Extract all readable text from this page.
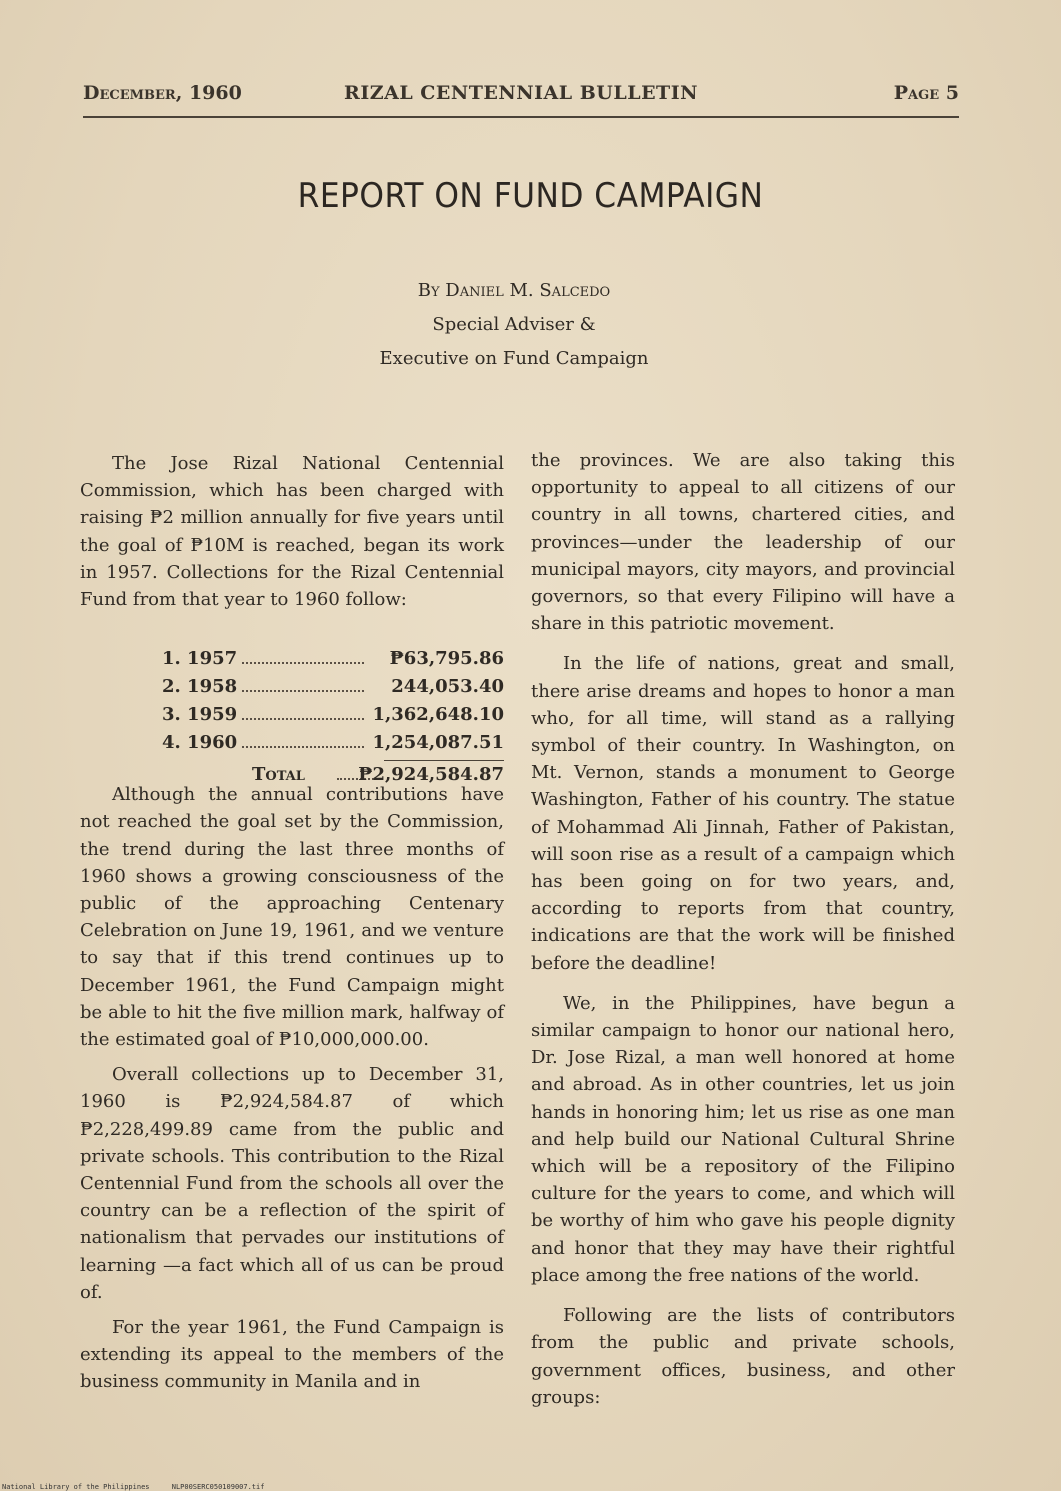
RIZAL CENTENNIAL BULLETIN
December, 1960	Page 5
REPORT ON FUND CAMPAIGN
By Daniel M. Salcedo
Special Adviser &
Executive on Fund Campaign

The Jose Rizal National Centennial Commission, which has been charged with raising ₱2 million annually for five years until the goal of ₱10M is reached, began its work in 1957. Collections for the Rizal Centennial Fund from that year to 1960 follow:

Although the annual contributions have not reached the goal set by the Commission, the trend during the last three months of 1960 shows a growing consciousness of the public of the approaching Centenary Celebration on June 19, 1961, and we venture to say that if this trend continues up to December 1961, the Fund Campaign might be able to hit the five million mark, halfway of the estimated goal of ₱10,000,000.00.

Overall collections up to December 31, 1960 is ₱2,924,584.87 of which ₱2,228,499.89 came from the public and private schools. This contribution to the Rizal Centennial Fund from the schools all over the country can be a reflection of the spirit of nationalism that pervades our institutions of learning —a fact which all of us can be proud of.

For the year 1961, the Fund Campaign is extending its appeal to the members of the business community in Manila and in

1. 1957	₱63,795.86
2. 1958	244,053.40
3. 1959	1,362,648.10
4. 1960	1,254,087.51
Total	₱2,924,584.87

the provinces. We are also taking this opportunity to appeal to all citizens of our country in all towns, chartered cities, and provinces—under the leadership of our municipal mayors, city mayors, and provincial governors, so that every Filipino will have a share in this patriotic movement.

In the life of nations, great and small, there arise dreams and hopes to honor a man who, for all time, will stand as a rallying symbol of their country. In Washington, on Mt. Vernon, stands a monument to George Washington, Father of his country. The statue of Mohammad Ali Jinnah, Father of Pakistan, will soon rise as a result of a campaign which has been going on for two years, and, according to reports from that country, indications are that the work will be finished before the deadline!

We, in the Philippines, have begun a similar campaign to honor our national hero, Dr. Jose Rizal, a man well honored at home and abroad. As in other countries, let us join hands in honoring him; let us rise as one man and help build our National Cultural Shrine which will be a repository of the Filipino culture for the years to come, and which will be worthy of him who gave his people dignity and honor that they may have their rightful place among the free nations of the world.

Following are the lists of contributors from the public and private schools, government offices, business, and other groups:

National Library of the Philippines	NLP00SERC050109007.tif
